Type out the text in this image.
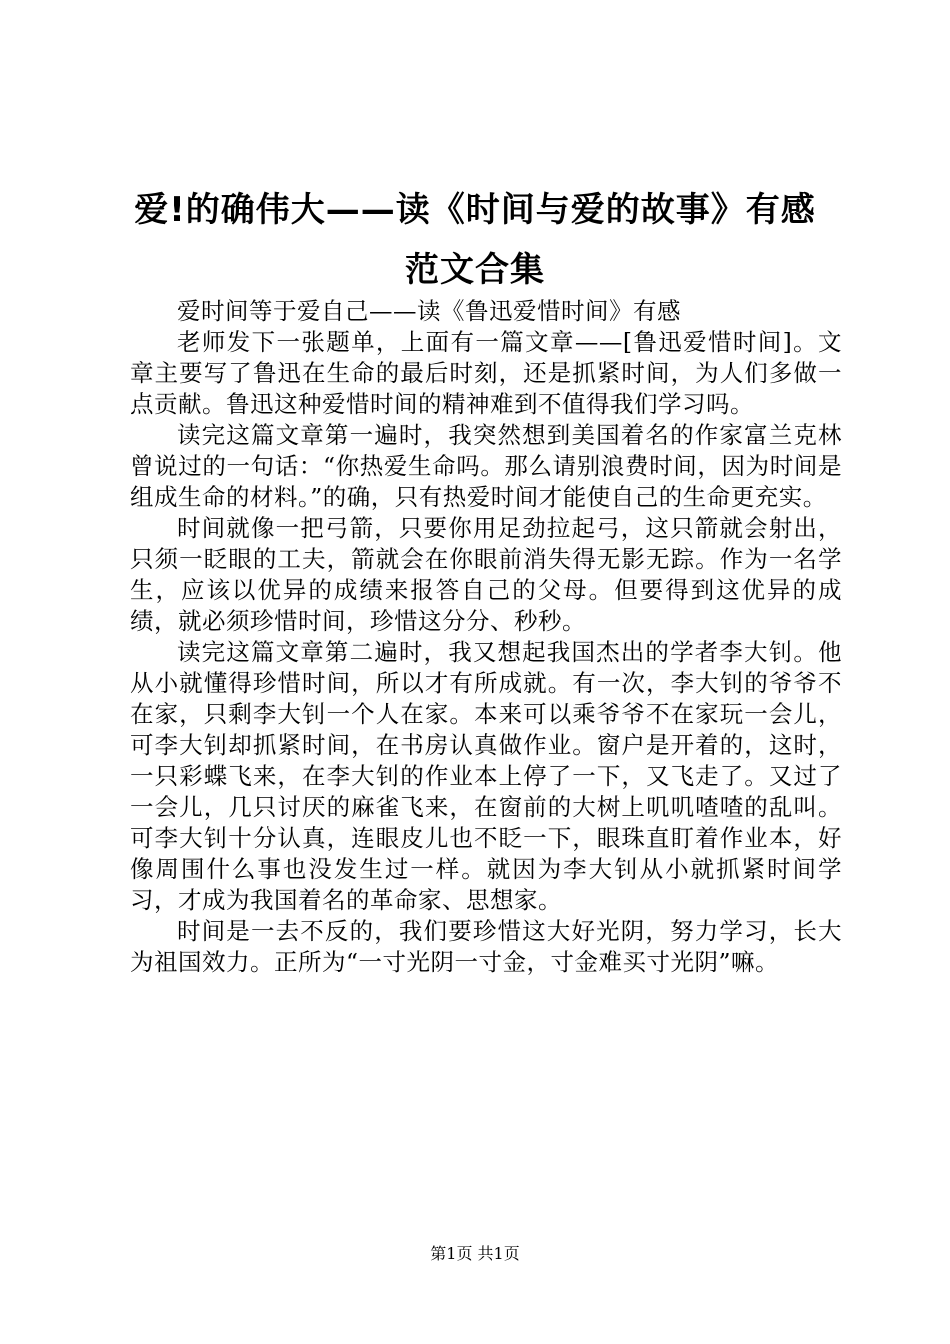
爱!的确伟大——读《时间与爱的故事》有感
范文合集

爱时间等于爱自己——读《鲁迅爱惜时间》有感

老师发下一张题单，上面有一篇文章——[鲁迅爱惜时间]。文章主要写了鲁迅在生命的最后时刻，还是抓紧时间，为人们多做一点贡献。鲁迅这种爱惜时间的精神难到不值得我们学习吗。

读完这篇文章第一遍时，我突然想到美国着名的作家富兰克林曾说过的一句话：“你热爱生命吗。那么请别浪费时间，因为时间是组成生命的材料。”的确，只有热爱时间才能使自己的生命更充实。

时间就像一把弓箭，只要你用足劲拉起弓，这只箭就会射出，只须一眨眼的工夫，箭就会在你眼前消失得无影无踪。作为一名学生，应该以优异的成绩来报答自己的父母。但要得到这优异的成绩，就必须珍惜时间，珍惜这分分、秒秒。

读完这篇文章第二遍时，我又想起我国杰出的学者李大钊。他从小就懂得珍惜时间，所以才有所成就。有一次，李大钊的爷爷不在家，只剩李大钊一个人在家。本来可以乘爷爷不在家玩一会儿，可李大钊却抓紧时间，在书房认真做作业。窗户是开着的，这时，一只彩蝶飞来，在李大钊的作业本上停了一下，又飞走了。又过了一会儿，几只讨厌的麻雀飞来，在窗前的大树上叽叽喳喳的乱叫。可李大钊十分认真，连眼皮儿也不眨一下，眼珠直盯着作业本，好像周围什么事也没发生过一样。就因为李大钊从小就抓紧时间学习，才成为我国着名的革命家、思想家。

时间是一去不反的，我们要珍惜这大好光阴，努力学习，长大为祖国效力。正所为“一寸光阴一寸金，寸金难买寸光阴”嘛。

第1页 共1页
